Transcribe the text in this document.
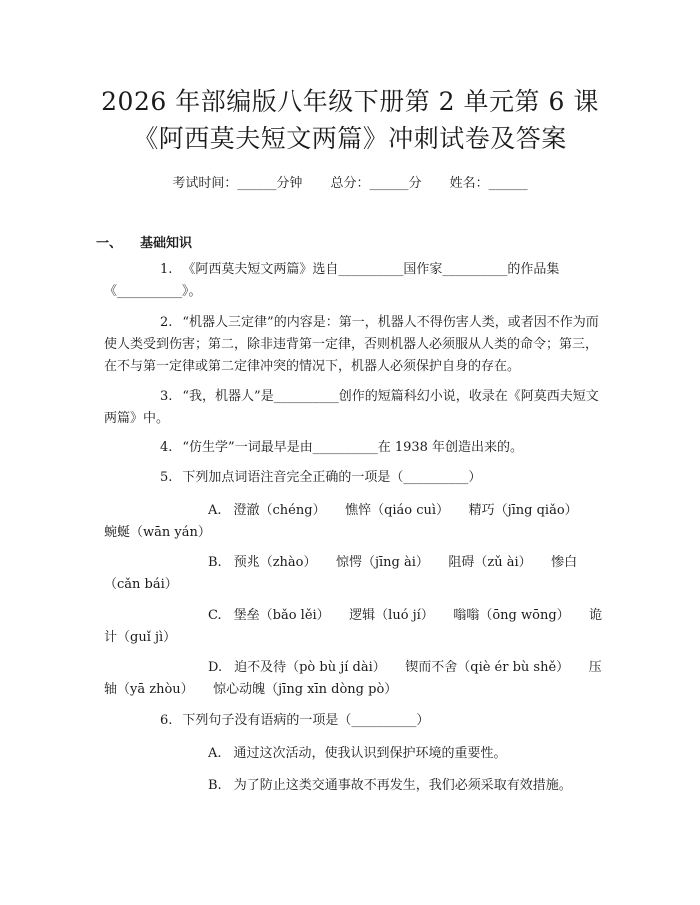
2026 年部编版八年级下册第 2 单元第 6 课
《阿西莫夫短文两篇》冲刺试卷及答案
考试时间：______分钟 总分：______分 姓名：______
一、 基础知识
1. 《阿西莫夫短文两篇》选自__________国作家__________的作品集《__________》。
2. “机器人三定律”的内容是：第一，机器人不得伤害人类，或者因不作为而使人类受到伤害；第二，除非违背第一定律，否则机器人必须服从人类的命令；第三，在不与第一定律或第二定律冲突的情况下，机器人必须保护自身的存在。
3. “我，机器人”是__________创作的短篇科幻小说，收录在《阿莫西夫短文两篇》中。
4. “仿生学”一词最早是由__________在 1938 年创造出来的。
5. 下列加点词语注音完全正确的一项是（__________）
A. 澄澈（chéng）　　憔悴（qiáo cuì）　　精巧（jīng qiǎo）　　蜿蜒（wān yán）
B. 预兆（zhào）　　惊愕（jīng ài）　　阻碍（zǔ ài）　　惨白（cǎn bái）
C. 堡垒（bǎo lěi）　　逻辑（luó jí）　　嗡嗡（ōng wōng）　　诡计（guǐ jì）
D. 迫不及待（pò bù jí dài）　　锲而不舍（qiè ér bù shě）　　压轴（yā zhòu）　　惊心动魄（jīng xīn dòng pò）
6. 下列句子没有语病的一项是（__________）
A. 通过这次活动，使我认识到保护环境的重要性。
B. 为了防止这类交通事故不再发生，我们必须采取有效措施。
